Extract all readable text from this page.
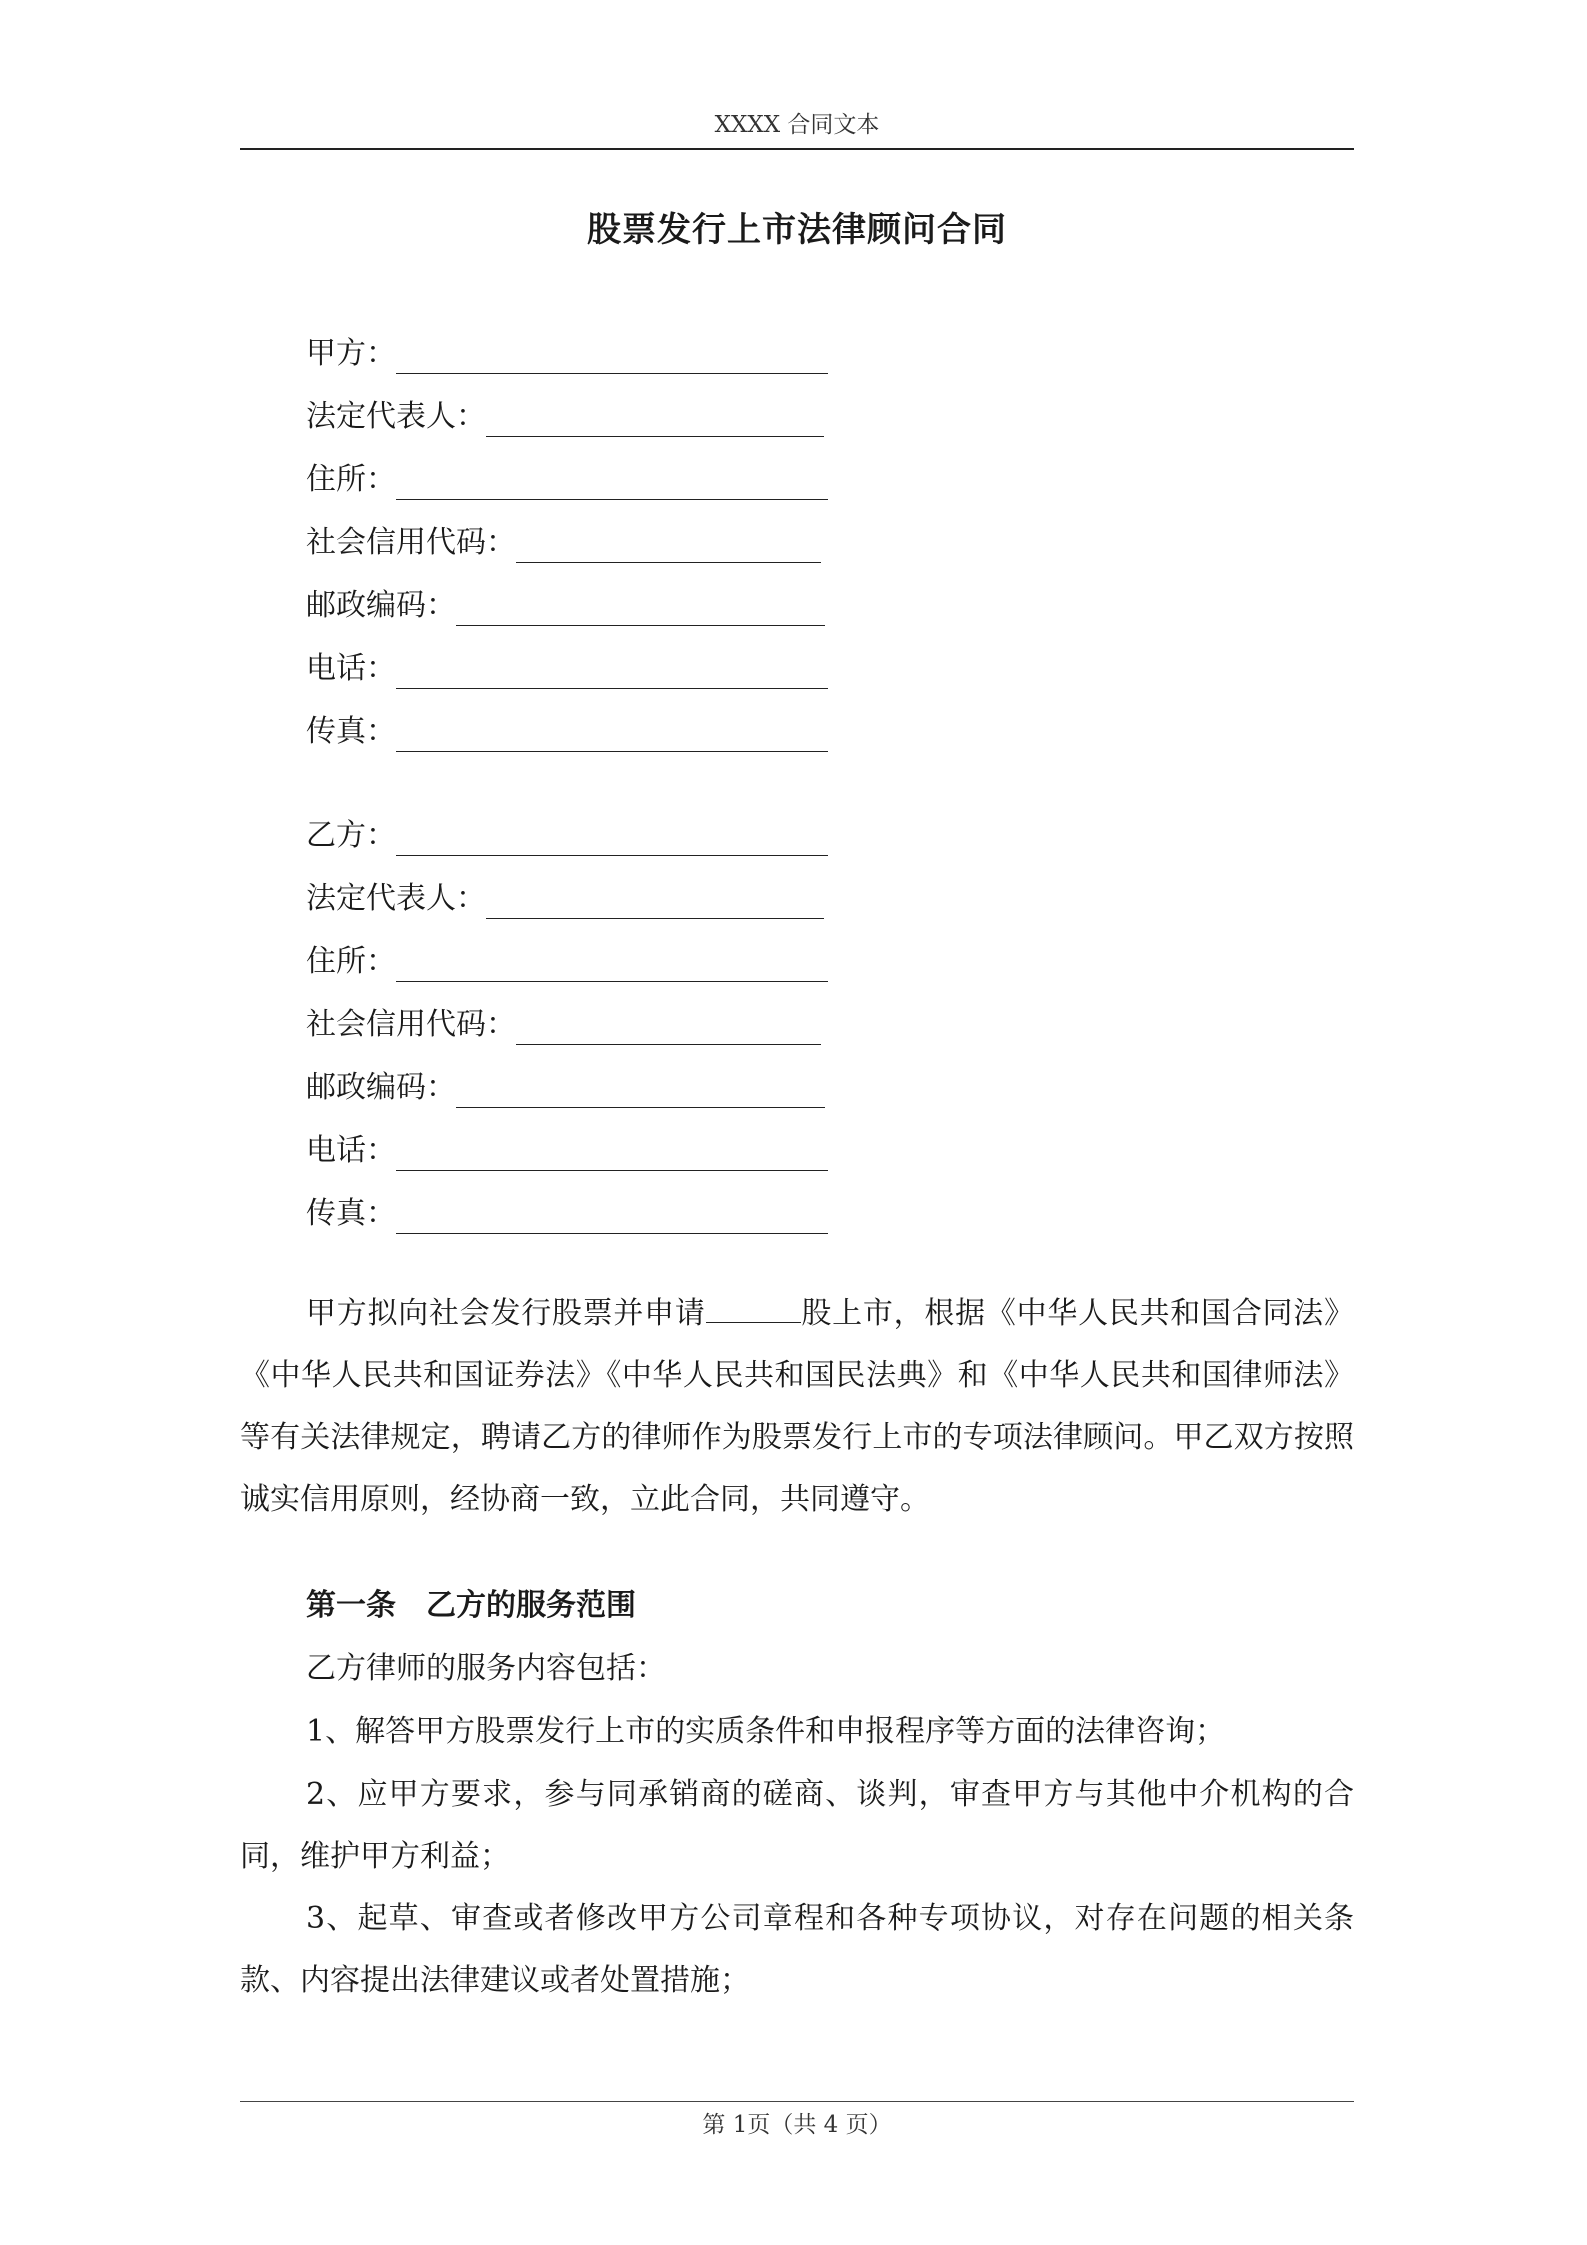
XXXX 合同文本
股票发行上市法律顾问合同
甲方：
法定代表人：
住所：
社会信用代码：
邮政编码：
电话：
传真：
乙方：
法定代表人：
住所：
社会信用代码：
邮政编码：
电话：
传真：
甲方拟向社会发行股票并申请	股上市，根据《中华人民共和国合同法》《中华人民共和国证券法》《中华人民共和国民法典》和《中华人民共和国律师法》等有关法律规定，聘请乙方的律师作为股票发行上市的专项法律顾问。甲乙双方按照诚实信用原则，经协商一致，立此合同，共同遵守。
第一条　乙方的服务范围
乙方律师的服务内容包括：
1、解答甲方股票发行上市的实质条件和申报程序等方面的法律咨询；
2、应甲方要求，参与同承销商的磋商、谈判，审查甲方与其他中介机构的合同，维护甲方利益；
3、起草、审查或者修改甲方公司章程和各种专项协议，对存在问题的相关条款、内容提出法律建议或者处置措施；
第 1页（共 4 页）
